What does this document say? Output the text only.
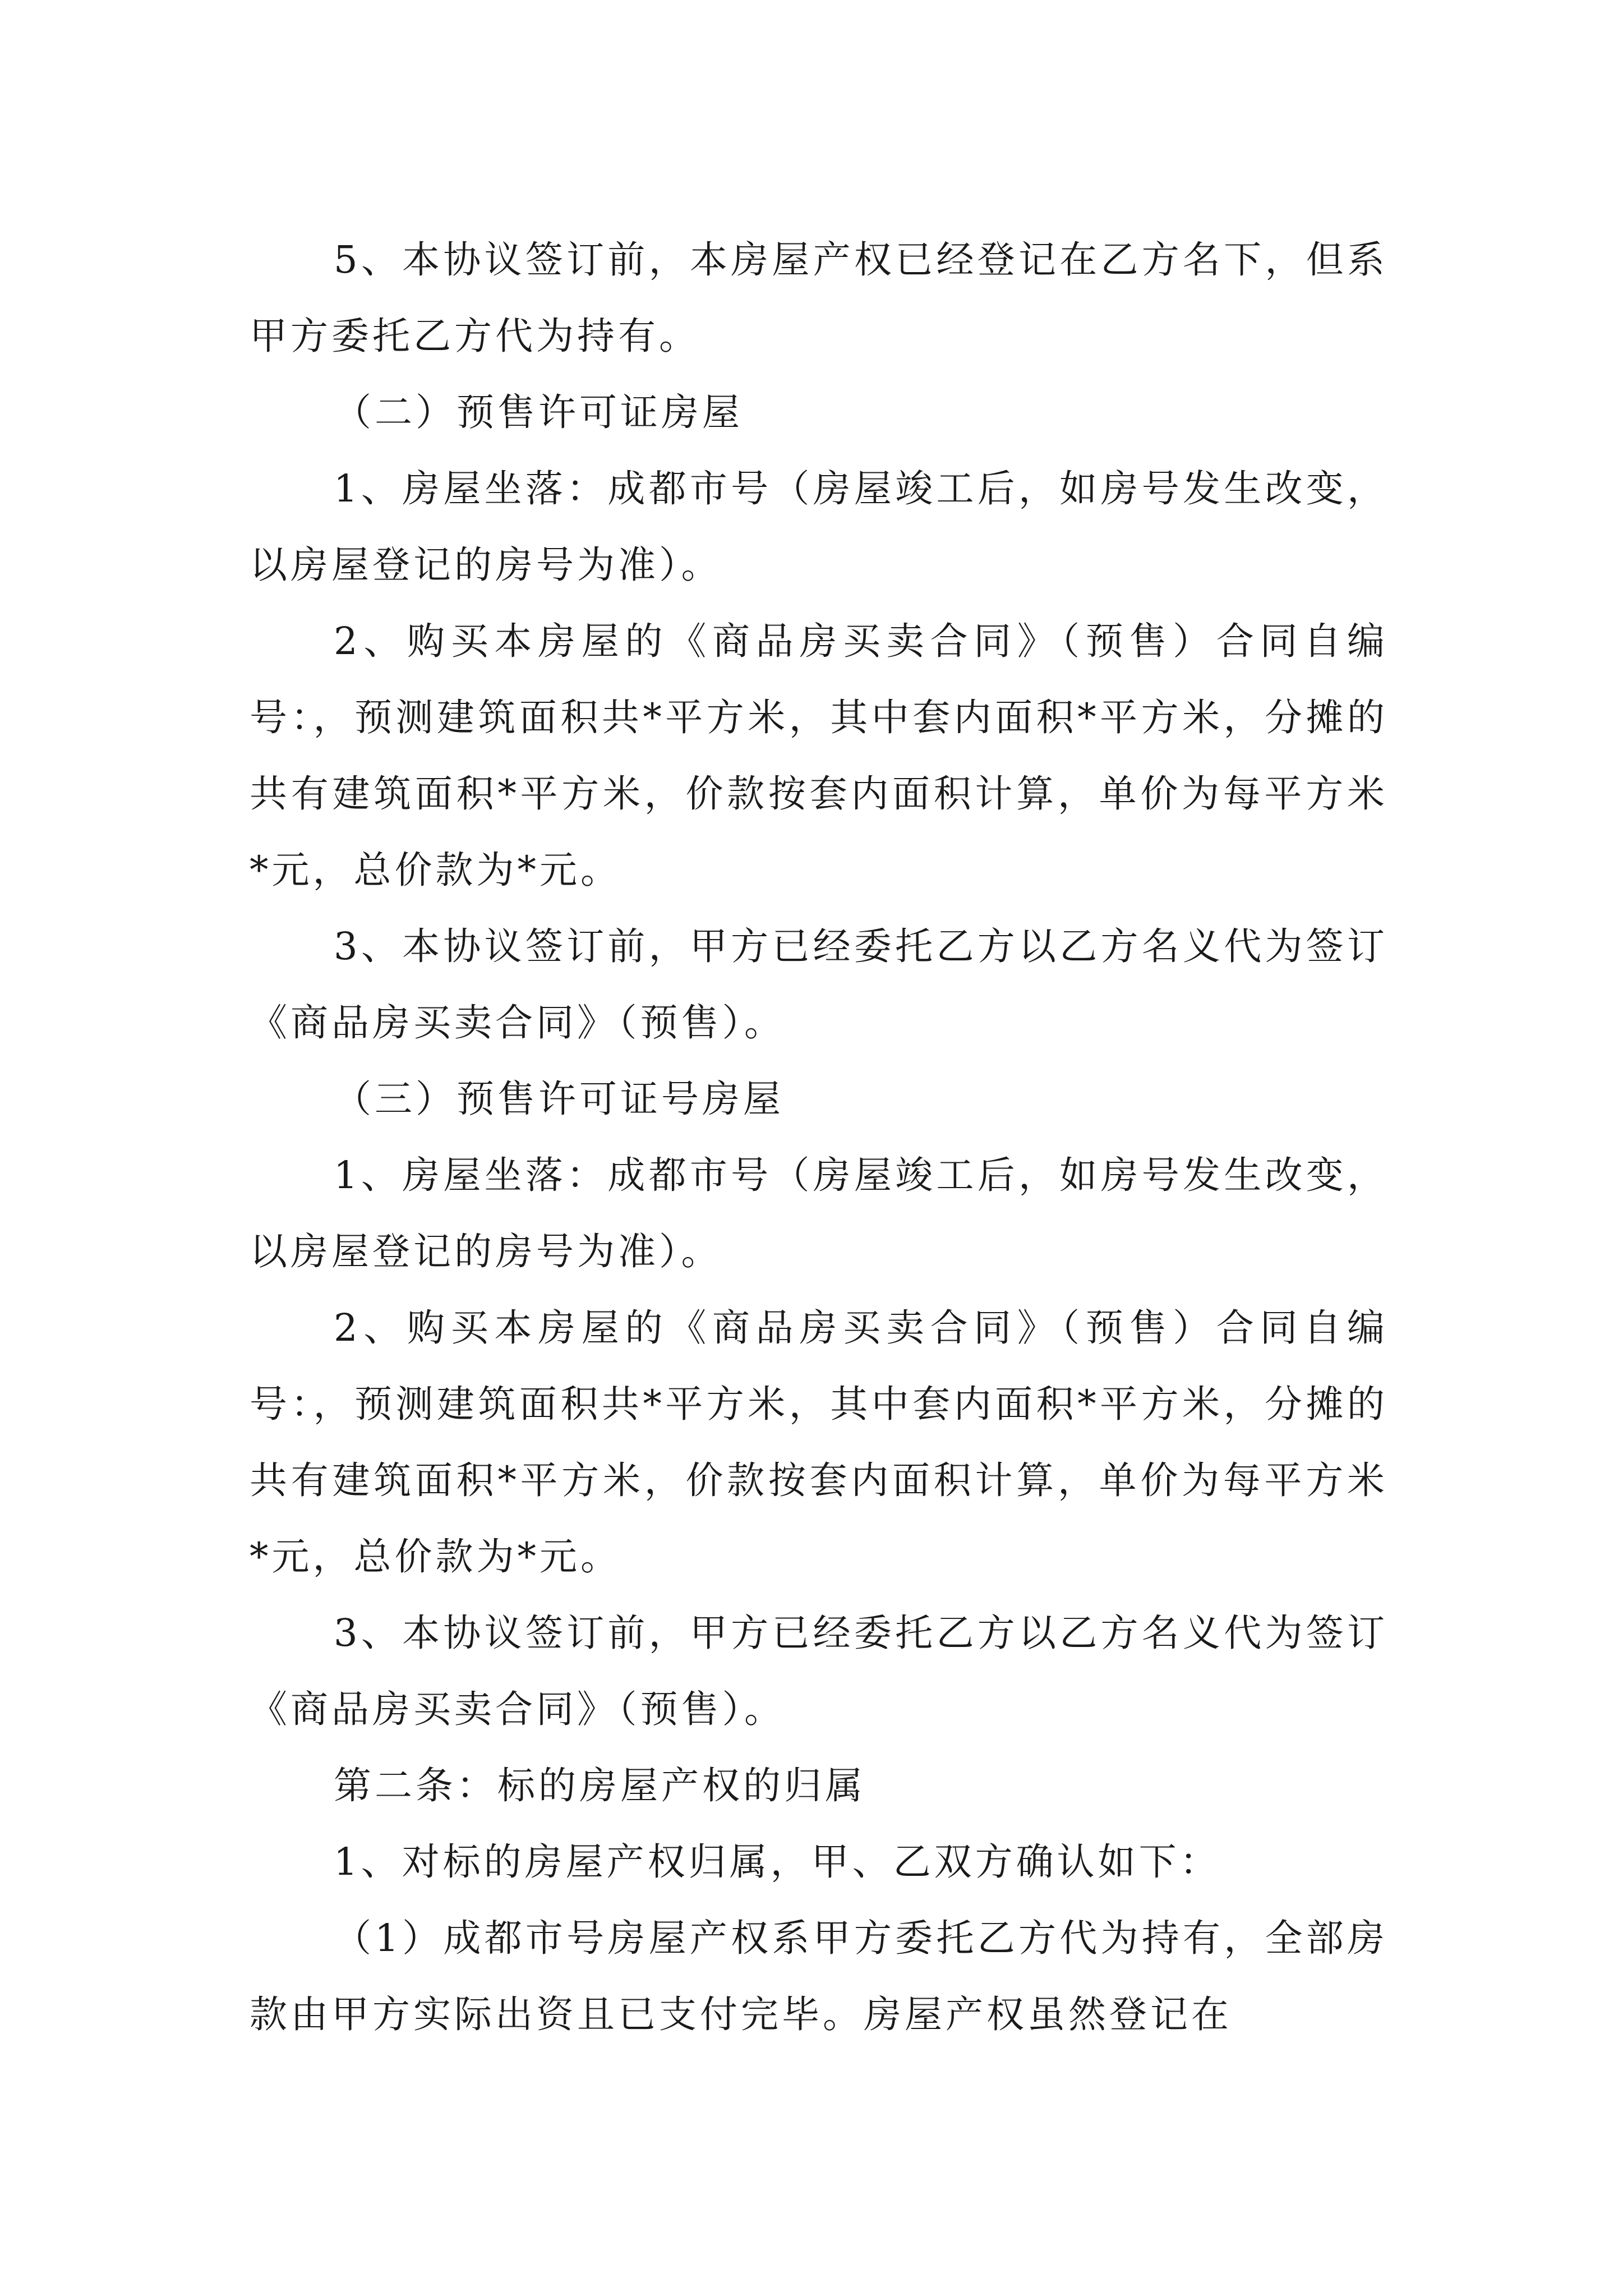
5、本协议签订前，本房屋产权已经登记在乙方名下，但系甲方委托乙方代为持有。

（二）预售许可证房屋

1、房屋坐落：成都市号（房屋竣工后，如房号发生改变，以房屋登记的房号为准）。

2、购买本房屋的《商品房买卖合同》（预售）合同自编号：，预测建筑面积共*平方米，其中套内面积*平方米，分摊的共有建筑面积*平方米，价款按套内面积计算，单价为每平方米*元，总价款为*元。

3、本协议签订前，甲方已经委托乙方以乙方名义代为签订《商品房买卖合同》（预售）。

（三）预售许可证号房屋

1、房屋坐落：成都市号（房屋竣工后，如房号发生改变，以房屋登记的房号为准）。

2、购买本房屋的《商品房买卖合同》（预售）合同自编号：，预测建筑面积共*平方米，其中套内面积*平方米，分摊的共有建筑面积*平方米，价款按套内面积计算，单价为每平方米*元，总价款为*元。

3、本协议签订前，甲方已经委托乙方以乙方名义代为签订《商品房买卖合同》（预售）。

第二条：标的房屋产权的归属

1、对标的房屋产权归属，甲、乙双方确认如下：

（1）成都市号房屋产权系甲方委托乙方代为持有，全部房款由甲方实际出资且已支付完毕。房屋产权虽然登记在
